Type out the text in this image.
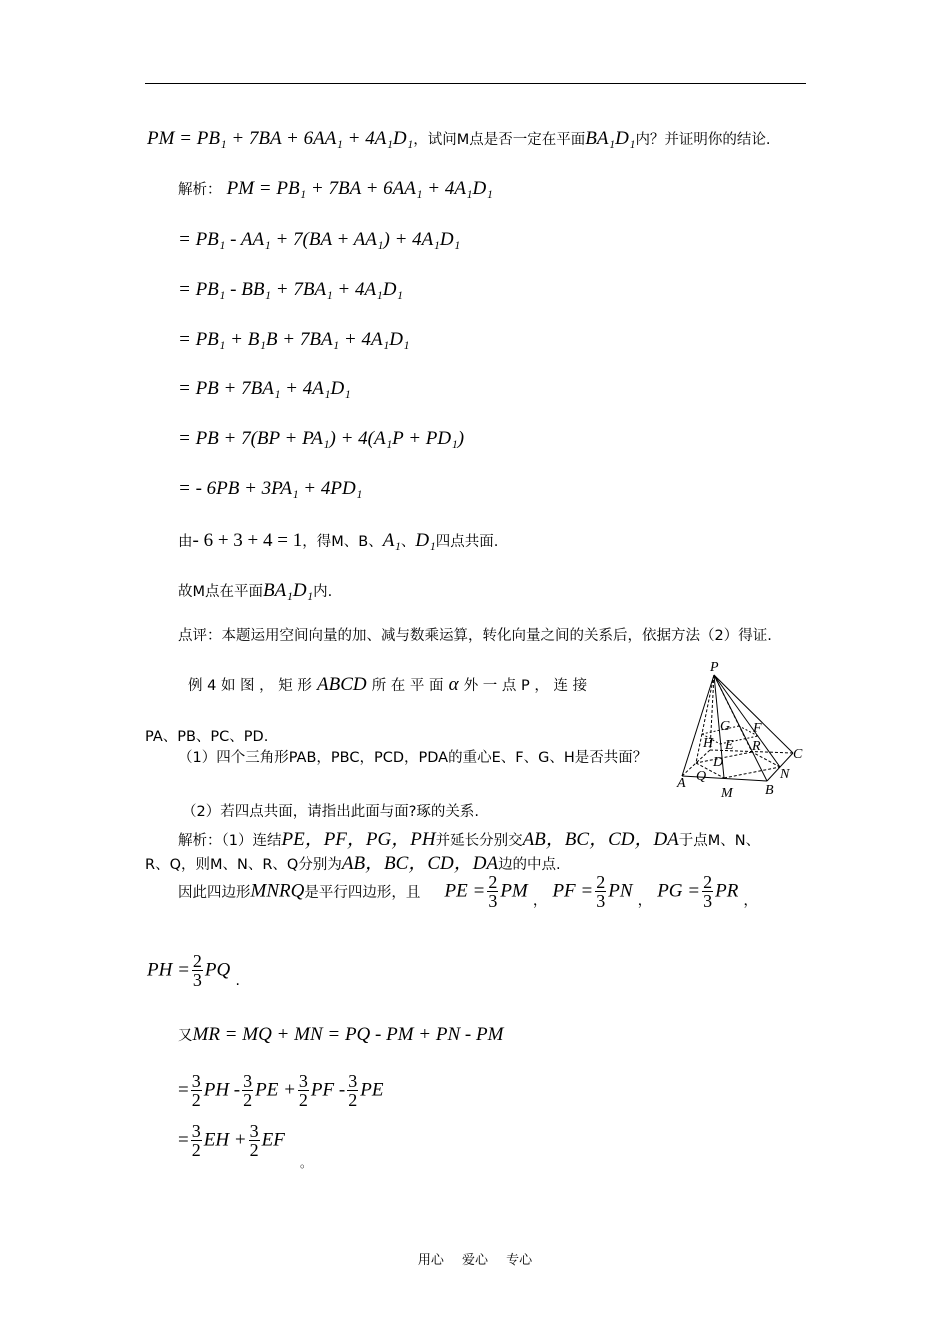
PM = PB₁ + 7BA + 6AA₁ + 4A₁D₁，试问M点是否一定在平面BA₁D₁内？并证明你的结论.
解析： PM = PB₁ + 7BA + 6AA₁ + 4A₁D₁
= PB₁ - AA₁ + 7(BA + AA₁) + 4A₁D₁
= PB₁ - BB₁ + 7BA₁ + 4A₁D₁
= PB₁ + B₁B + 7BA₁ + 4A₁D₁
= PB + 7BA₁ + 4A₁D₁
= PB + 7(BP + PA₁) + 4(A₁P + PD₁)
= - 6PB + 3PA₁ + 4PD₁
由- 6 + 3 + 4 = 1，得M、B、A₁、D₁四点共面.
故M点在平面BA₁D₁内.
点评：本题运用空间向量的加、减与数乘运算，转化向量之间的关系后，依据方法（2）得证.
例 4 如 图 ， 矩 形 ABCD 所 在 平 面 α 外 一 点 P ， 连 接
PA、PB、PC、PD.
（1）四个三角形PAB，PBC，PCD，PDA的重心E、F、G、H是否共面？
（2）若四点共面，请指出此面与面?琢的关系.
P
G F
H E R
D
C
Q	N
A
M B
解析：（1）连结PE，PF，PG，PH并延长分别交AB，BC，CD，DA于点M、N、
R、Q，则M、N、R、Q分别为AB，BC，CD，DA边的中点.
因此四边形MNRQ是平行四边形，且 PE = $\frac{2}{3}$ PM ， PF = $\frac{2}{3}$ PN ， PG = $\frac{2}{3}$ PR ，
PH = $\frac{2}{3}$ PQ .
又MR = MQ + MN = PQ - PM + PN - PM
= $\frac{3}{2}$ PH - $\frac{3}{2}$ PE + $\frac{3}{2}$ PF - $\frac{3}{2}$ PE
= $\frac{3}{2}$ EH + $\frac{3}{2}$ EF
。
用心 爱心 专心
